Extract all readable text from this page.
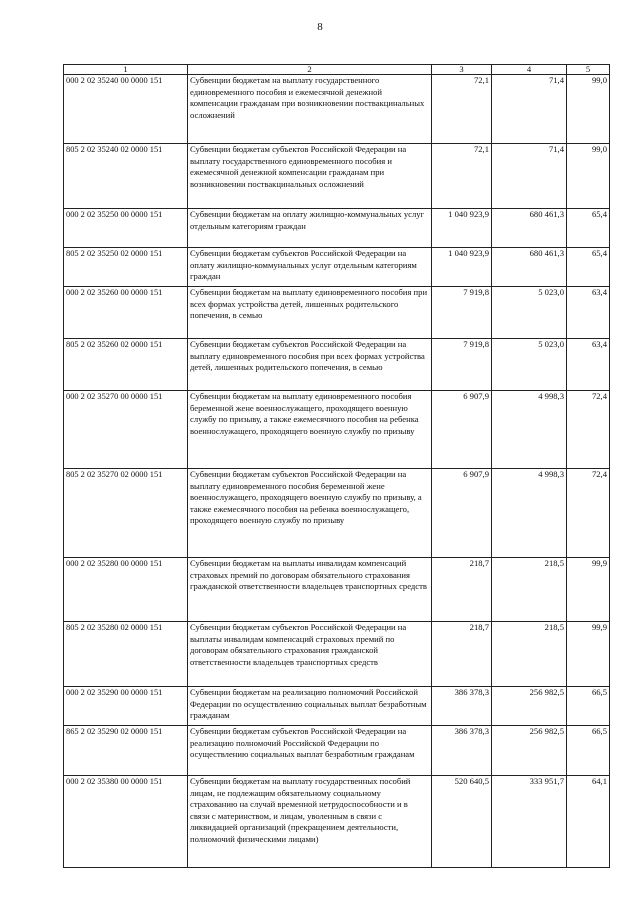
8
1	2	3	4	5
000 2 02 35240 00 0000 151	Субвенции бюджетам на выплату государственного единовременного пособия и ежемесячной денежной компенсации гражданам при возникновении поствакцинальных осложнений	72,1	71,4	99,0
805 2 02 35240 02 0000 151	Субвенции бюджетам субъектов Российской Федерации на выплату государственного единовременного пособия и ежемесячной денежной компенсации гражданам при возникновении поствакцинальных осложнений	72,1	71,4	99,0
000 2 02 35250 00 0000 151	Субвенции бюджетам на оплату жилищно-коммунальных услуг отдельным категориям граждан	1 040 923,9	680 461,3	65,4
805 2 02 35250 02 0000 151	Субвенции бюджетам субъектов Российской Федерации на оплату жилищно-коммунальных услуг отдельным категориям граждан	1 040 923,9	680 461,3	65,4
000 2 02 35260 00 0000 151	Субвенции бюджетам на выплату единовременного пособия при всех формах устройства детей, лишенных родительского попечения, в семью	7 919,8	5 023,0	63,4
805 2 02 35260 02 0000 151	Субвенции бюджетам субъектов Российской Федерации на выплату единовременного пособия при всех формах устройства детей, лишенных родительского попечения, в семью	7 919,8	5 023,0	63,4
000 2 02 35270 00 0000 151	Субвенции бюджетам на выплату единовременного пособия беременной жене военнослужащего, проходящего военную службу по призыву, а также ежемесячного пособия на ребенка военнослужащего, проходящего военную службу по призыву	6 907,9	4 998,3	72,4
805 2 02 35270 02 0000 151	Субвенции бюджетам субъектов Российской Федерации на выплату единовременного пособия беременной жене военнослужащего, проходящего военную службу по призыву, а также ежемесячного пособия на ребенка военнослужащего, проходящего военную службу по призыву	6 907,9	4 998,3	72,4
000 2 02 35280 00 0000 151	Субвенции бюджетам на выплаты инвалидам компенсаций страховых премий по договорам обязательного страхования гражданской ответственности владельцев транспортных средств	218,7	218,5	99,9
805 2 02 35280 02 0000 151	Субвенции бюджетам субъектов Российской Федерации на выплаты инвалидам компенсаций страховых премий по договорам обязательного страхования гражданской ответственности владельцев транспортных средств	218,7	218,5	99,9
000 2 02 35290 00 0000 151	Субвенции бюджетам на реализацию полномочий Российской Федерации по осуществлению социальных выплат безработным гражданам	386 378,3	256 982,5	66,5
865 2 02 35290 02 0000 151	Субвенции бюджетам субъектов Российской Федерации на реализацию полномочий Российской Федерации по осуществлению социальных выплат безработным гражданам	386 378,3	256 982,5	66,5
000 2 02 35380 00 0000 151	Субвенции бюджетам на выплату государственных пособий лицам, не подлежащим обязательному социальному страхованию на случай временной нетрудоспособности и в связи с материнством, и лицам, уволенным в связи с ликвидацией организаций (прекращением деятельности, полномочий физическими лицами)	520 640,5	333 951,7	64,1
